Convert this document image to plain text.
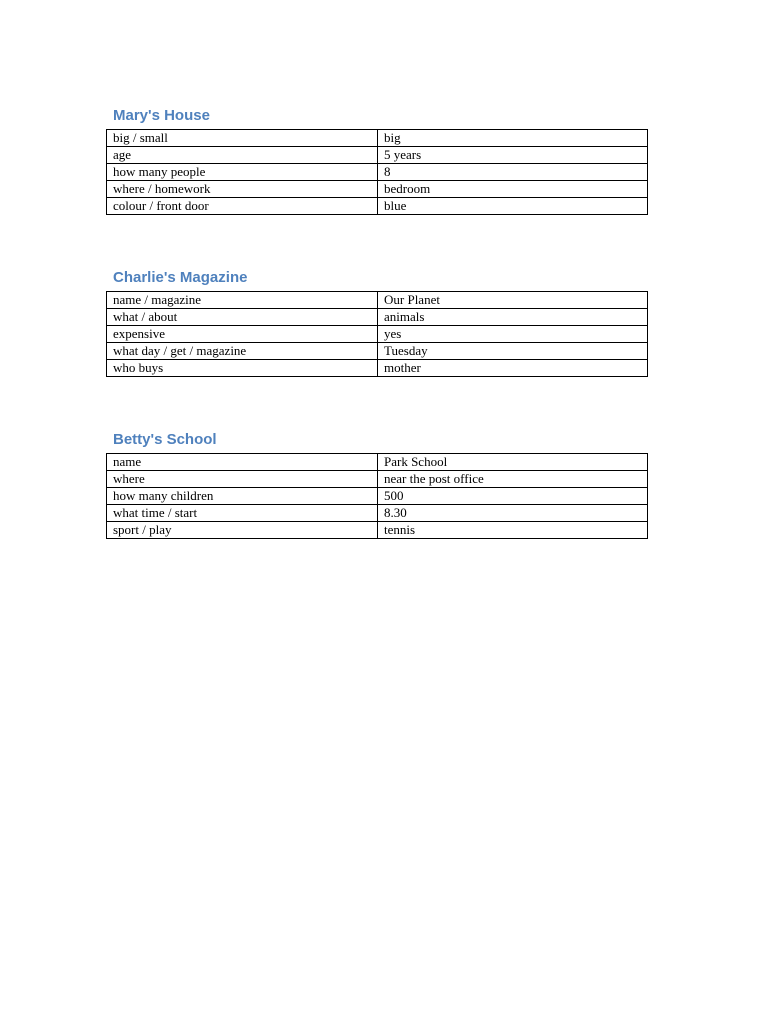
Mary's House
big / small	big
age	5 years
how many people	8
where / homework	bedroom
colour / front door	blue
Charlie's Magazine
name / magazine	Our Planet
what / about	animals
expensive	yes
what day / get / magazine	Tuesday
who buys	mother
Betty's School
name	Park School
where	near the post office
how many children	500
what time / start	8.30
sport / play	tennis
